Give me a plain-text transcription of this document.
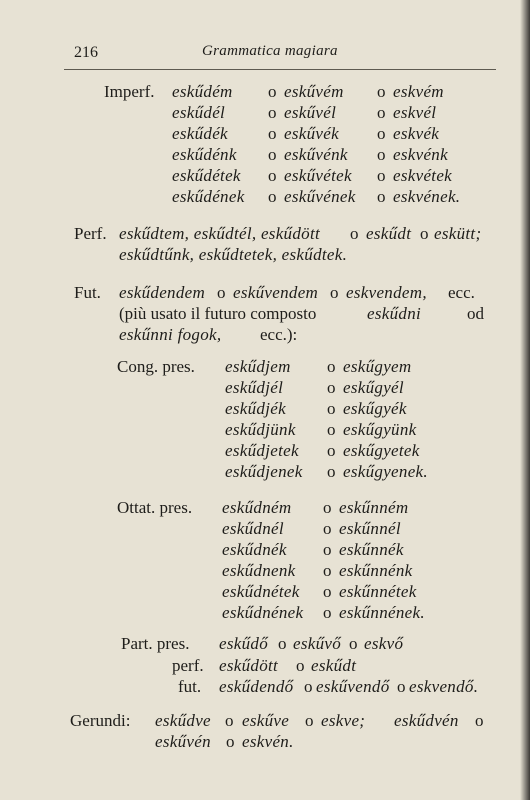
216	Grammatica magiara
Imperf. eskűdém o eskűvém o eskvém
eskűdél	o eskűvél o eskvél
eskűdék o eskűvék o eskvék
eskűdénk o eskűvénk o eskvénk
eskűdétek o eskűvétek o eskvétek
eskűdének o eskűvének o eskvének.
Perf. eskűdtem, eskűdtél, eskűdött o eskűdt o eskütt;
eskűdtűnk, eskűdtetek, eskűdtek.
Fut. eskűdendem o eskűvendem o eskvendem, ecc.
(più usato il futuro composto	eskűdni	od
eskűnni fogok, ecc.):
Cong. pres. eskűdjem o eskűgyem
eskűdjél	o eskűgyél
eskűdjék o eskűgyék
eskűdjünk o eskűgyünk
eskűdjetek o eskűgyetek
eskűdjenek o eskűgyenek.
Ottat. pres. eskűdném o eskűnném
eskűdnél o eskűnnél
eskűdnék o eskűnnék
eskűdnenk o eskűnnénk
eskűdnétek o eskűnnétek
eskűdnének o eskűnnének.
Part. pres. eskűdő o eskűvő o eskvő
perf. eskűdött o eskűdt
fut. eskűdendő o eskűvendő o eskvendő.
Gerundi: eskűdve o eskűve o eskve; eskűdvén o
eskűvén o eskvén.
